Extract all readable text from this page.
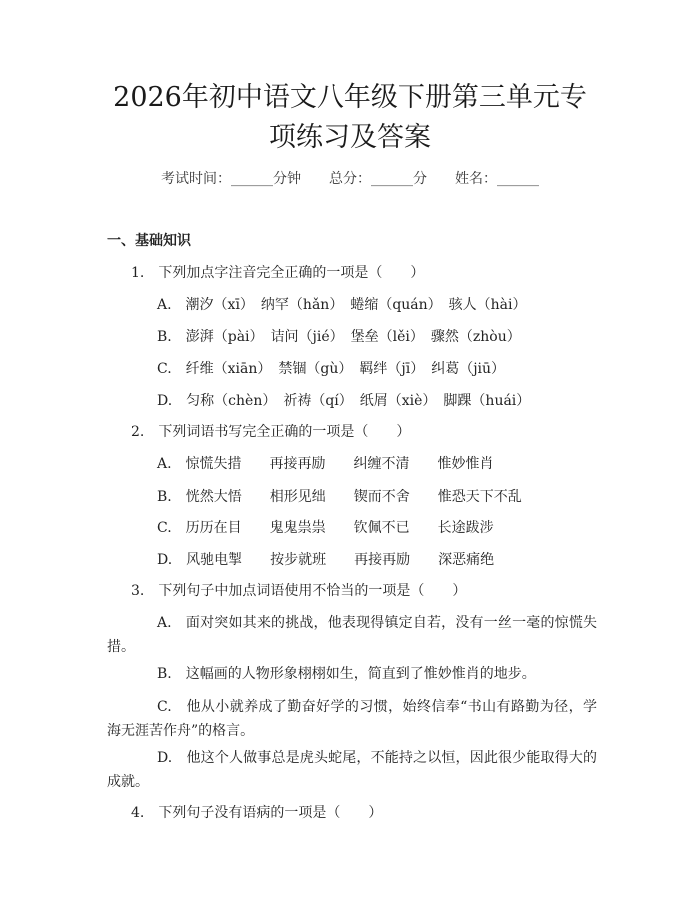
2026年初中语文八年级下册第三单元专项练习及答案
考试时间：______分钟　　总分：______分　　姓名：______
一、基础知识
1.　下列加点字注音完全正确的一项是（　　）
A.　潮汐（xī）　纳罕（hǎn）　蜷缩（quán）　骇人（hài）
B.　澎湃（pài）　诘问（jié）　堡垒（lěi）　骤然（zhòu）
C.　纤维（xiān）　禁锢（gù）　羁绊（jī）　纠葛（jiū）
D.　匀称（chèn）　祈祷（qí）　纸屑（xiè）　脚踝（huái）
2.　下列词语书写完全正确的一项是（　　）
A.　惊慌失措　　再接再励　　纠缠不清　　惟妙惟肖
B.　恍然大悟　　相形见绌　　锲而不舍　　惟恐天下不乱
C.　历历在目　　鬼鬼祟祟　　钦佩不已　　长途跋涉
D.　风驰电掣　　按步就班　　再接再励　　深恶痛绝
3.　下列句子中加点词语使用不恰当的一项是（　　）
A.　面对突如其来的挑战，他表现得镇定自若，没有一丝一毫的惊慌失措。
B.　这幅画的人物形象栩栩如生，简直到了惟妙惟肖的地步。
C.　他从小就养成了勤奋好学的习惯，始终信奉“书山有路勤为径，学海无涯苦作舟”的格言。
D.　他这个人做事总是虎头蛇尾，不能持之以恒，因此很少能取得大的成就。
4.　下列句子没有语病的一项是（　　）
